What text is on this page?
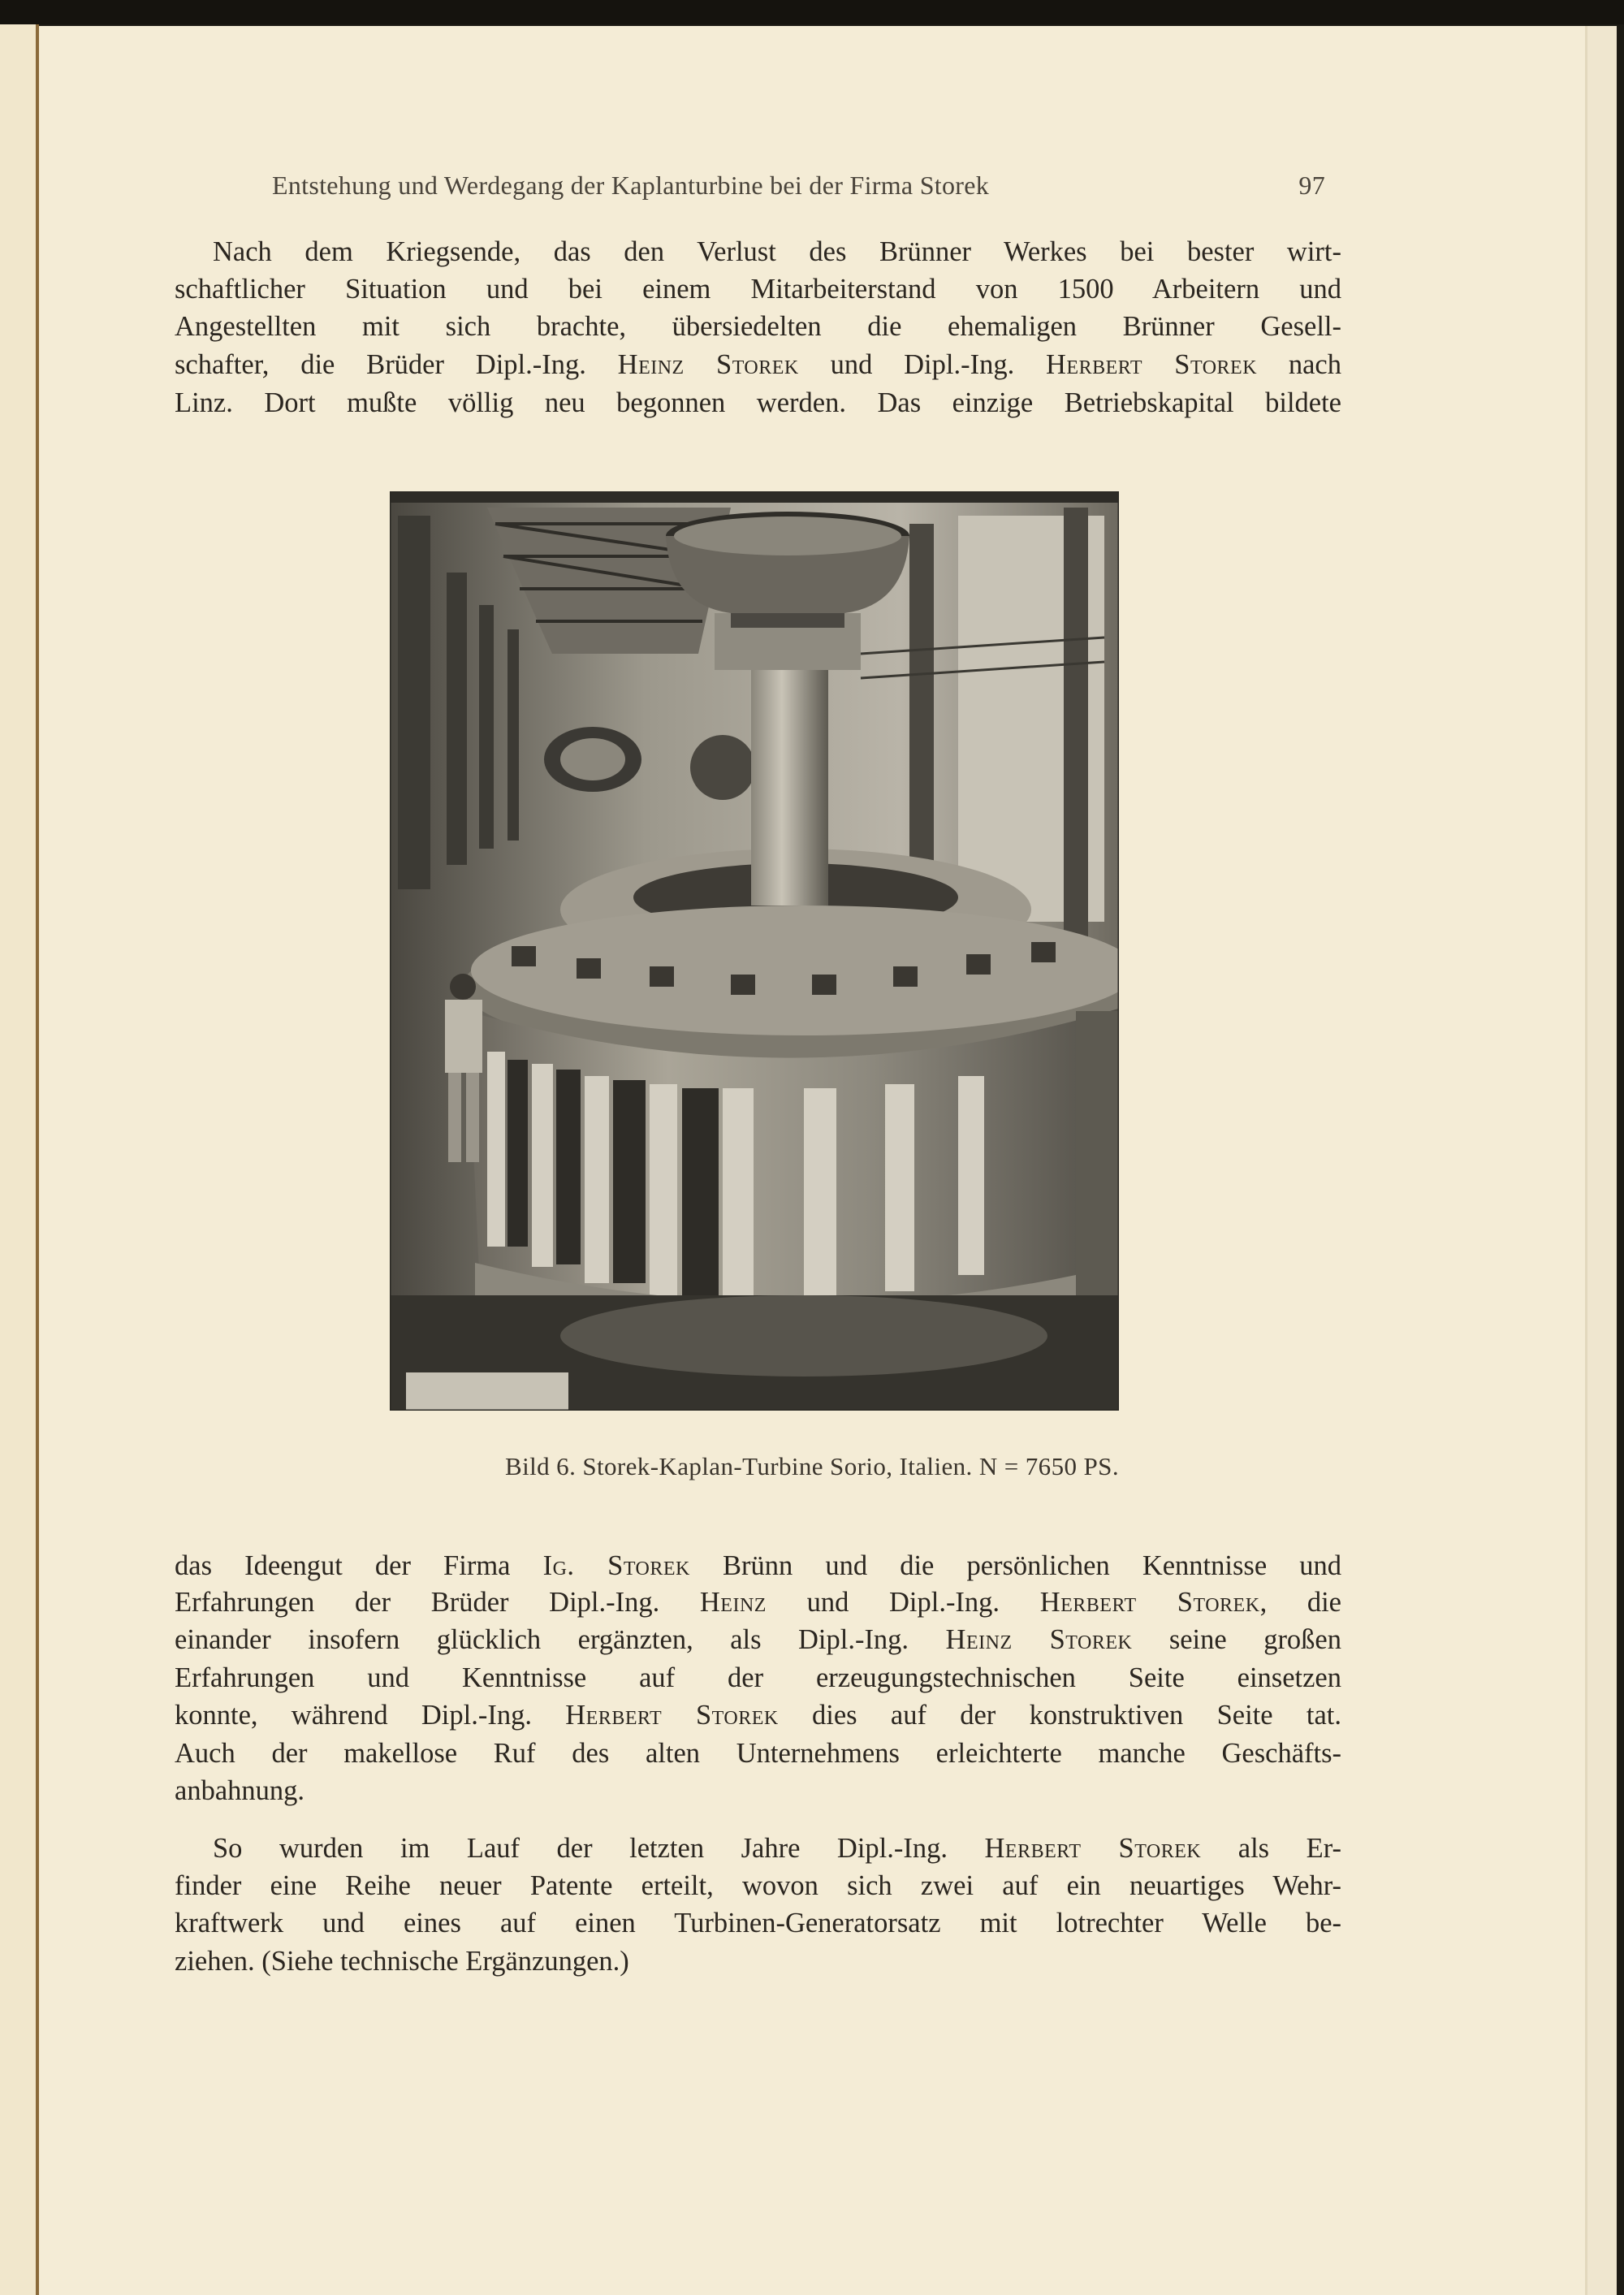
Entstehung und Werdegang der Kaplanturbine bei der Firma Storek	97
Nach dem Kriegsende, das den Verlust des Brünner Werkes bei bester wirt-
schaftlicher Situation und bei einem Mitarbeiterstand von 1500 Arbeitern und
Angestellten mit sich brachte, übersiedelten die ehemaligen Brünner Gesell-
schafter, die Brüder Dipl.-Ing. Heinz Storek und Dipl.-Ing. Herbert Storek nach
Linz. Dort mußte völlig neu begonnen werden. Das einzige Betriebskapital bildete
Bild 6. Storek-Kaplan-Turbine Sorio, Italien. N = 7650 PS.
das Ideengut der Firma Ig. Storek Brünn und die persönlichen Kenntnisse und
Erfahrungen der Brüder Dipl.-Ing. Heinz und Dipl.-Ing. Herbert Storek, die
einander insofern glücklich ergänzten, als Dipl.-Ing. Heinz Storek seine großen
Erfahrungen und Kenntnisse auf der erzeugungstechnischen Seite einsetzen
konnte, während Dipl.-Ing. Herbert Storek dies auf der konstruktiven Seite tat.
Auch der makellose Ruf des alten Unternehmens erleichterte manche Geschäfts-
anbahnung.
So wurden im Lauf der letzten Jahre Dipl.-Ing. Herbert Storek als Er-
finder eine Reihe neuer Patente erteilt, wovon sich zwei auf ein neuartiges Wehr-
kraftwerk und eines auf einen Turbinen-Generatorsatz mit lotrechter Welle be-
ziehen. (Siehe technische Ergänzungen.)
